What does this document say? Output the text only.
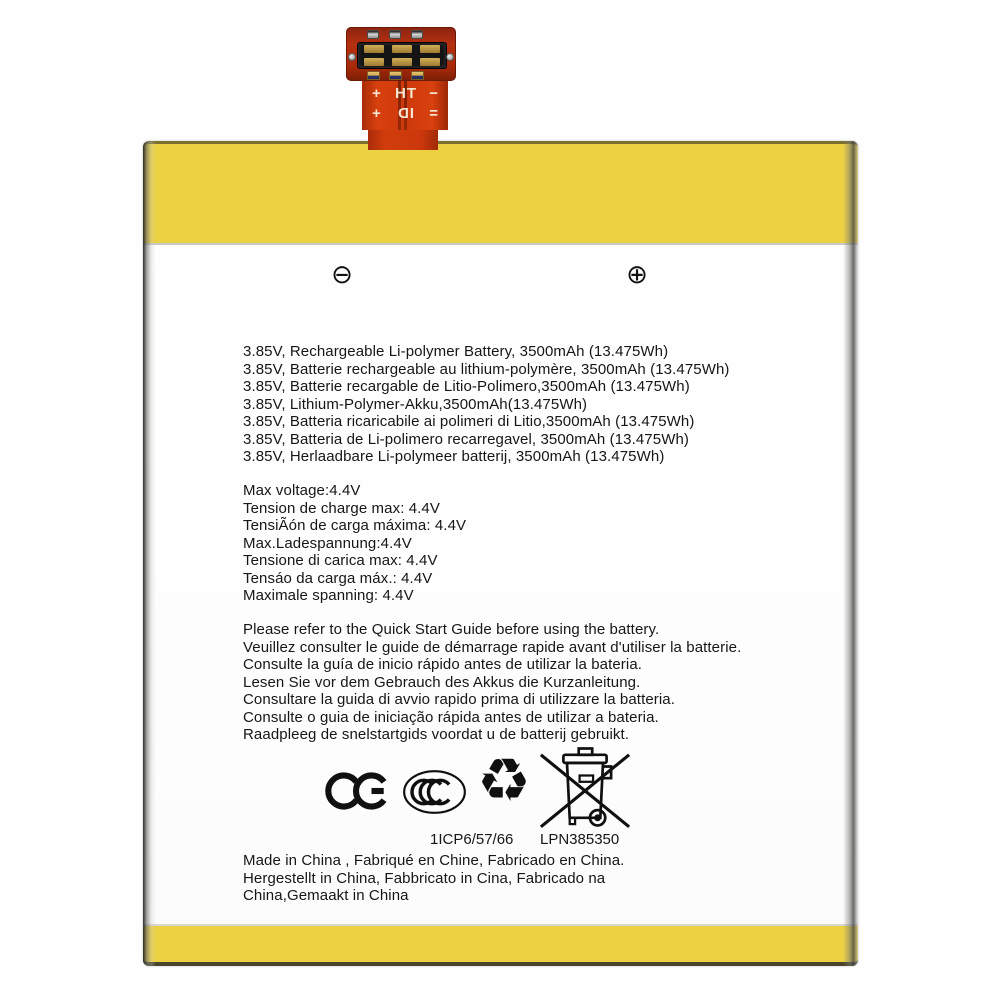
+ TH −
+ ID =
⊖	⊕
3.85V, Rechargeable Li-polymer Battery, 3500mAh (13.475Wh)
3.85V, Batterie rechargeable au lithium-polymère, 3500mAh (13.475Wh)
3.85V, Batterie recargable de Litio-Polimero,3500mAh (13.475Wh)
3.85V, Lithium-Polymer-Akku,3500mAh(13.475Wh)
3.85V, Batteria ricaricabile ai polimeri di Litio,3500mAh (13.475Wh)
3.85V, Batteria de Li-polimero recarregavel, 3500mAh (13.475Wh)
3.85V, Herlaadbare Li-polymeer batterij, 3500mAh (13.475Wh)
Max voltage:4.4V
Tension de charge max: 4.4V
TensiÃón de carga máxima: 4.4V
Max.Ladespannung:4.4V
Tensione di carica max: 4.4V
Tensáo da carga máx.: 4.4V
Maximale spanning: 4.4V
Please refer to the Quick Start Guide before using the battery.
Veuillez consulter le guide de démarrage rapide avant d'utiliser la batterie.
Consulte la guía de inicio rápido antes de utilizar la bateria.
Lesen Sie vor dem Gebrauch des Akkus die Kurzanleitung.
Consultare la guida di avvio rapido prima di utilizzare la batteria.
Consulte o guia de iniciação rápida antes de utilizar a bateria.
Raadpleeg de snelstartgids voordat u de batterij gebruikt.
♻
1ICP6/57/66 LPN385350
Made in China , Fabriqué en Chine, Fabricado en China.
Hergestellt in China, Fabbricato in Cina, Fabricado na
China,Gemaakt in China
